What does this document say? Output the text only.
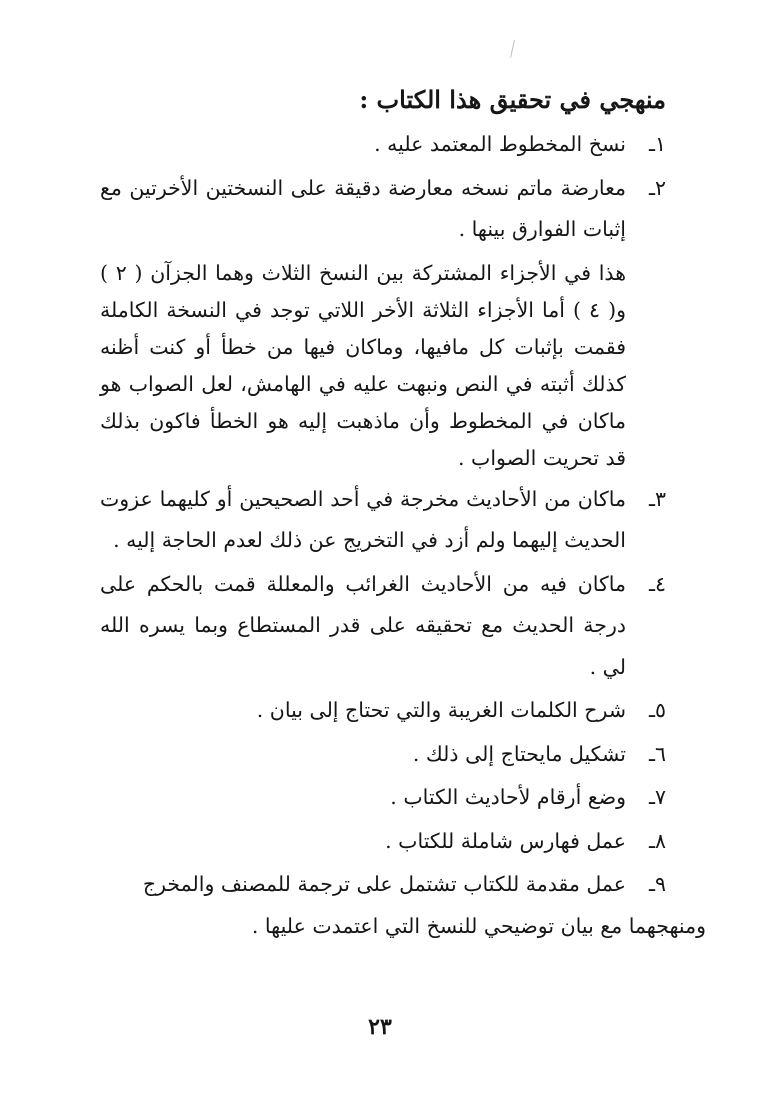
منهجي في تحقيق هذا الكتاب :
١ـ
نسخ المخطوط المعتمد عليه .
٢ـ
معارضة ماتم نسخه معارضة دقيقة على النسختين الأخرتين مع إثبات الفوارق بينها .

هذا في الأجزاء المشتركة بين النسخ الثلاث وهما الجزآن ( ٢ ) و( ٤ ) أما الأجزاء الثلاثة الأخر اللاتي توجد في النسخة الكاملة فقمت بإثبات كل مافيها، وماكان فيها من خطأ أو كنت أظنه كذلك أثبته في النص ونبهت عليه في الهامش، لعل الصواب هو ماكان في المخطوط وأن ماذهبت إليه هو الخطأ فاكون بذلك قد تحريت الصواب .

٣ـ
ماكان من الأحاديث مخرجة في أحد الصحيحين أو كليهما عزوت الحديث إليهما ولم أزد في التخريج عن ذلك لعدم الحاجة إليه .
٤ـ
ماكان فيه من الأحاديث الغرائب والمعللة قمت بالحكم على درجة الحديث مع تحقيقه على قدر المستطاع وبما يسره الله لي .
٥ـ
شرح الكلمات الغريبة والتي تحتاج إلى بيان .
٦ـ
تشكيل مايحتاج إلى ذلك .
٧ـ
وضع أرقام لأحاديث الكتاب .
٨ـ
عمل فهارس شاملة للكتاب .
٩ـ
عمل مقدمة للكتاب تشتمل على ترجمة للمصنف والمخرج
ومنهجهما مع بيان توضيحي للنسخ التي اعتمدت عليها .
٢٣
